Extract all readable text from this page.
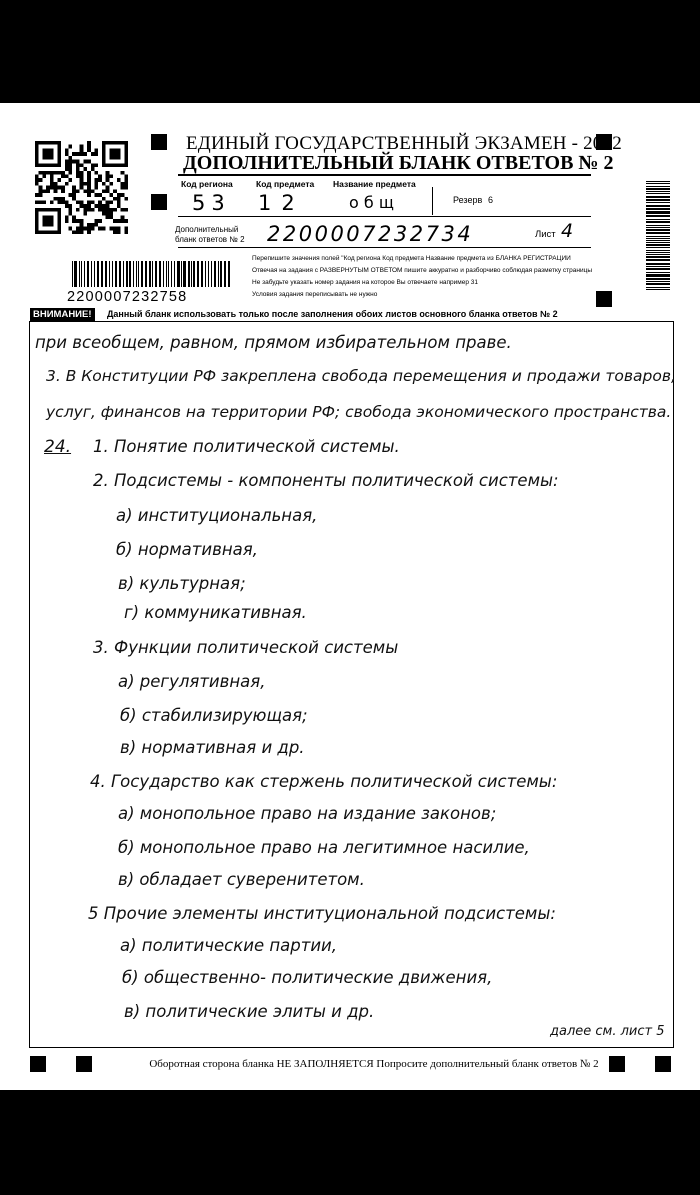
ЕДИНЫЙ ГОСУДАРСТВЕННЫЙ ЭКЗАМЕН - 2022
ДОПОЛНИТЕЛЬНЫЙ БЛАНК ОТВЕТОВ № 2
Код региона
53
Код предмета
12
Название предмета
о б щ	Резерв 6
Дополнительный
бланк ответов № 2 2200007232734	Лист 4
2200007232758
Перепишите значения полей "Код региона Код предмета Название предмета из БЛАНКА РЕГИСТРАЦИИ
Отвечая на задания с РАЗВЕРНУТЫМ ОТВЕТОМ пишите аккуратно и разборчиво соблюдая разметку страницы
Не забудьте указать номер задания на которое Вы отвечаете например 31
Условия задания переписывать не нужно
ВНИМАНИЕ!	Данный бланк использовать только после заполнения обоих листов основного бланка ответов № 2
при всеобщем, равном, прямом избирательном праве.
3. В Конституции РФ закреплена свобода перемещения и продажи товаров,
услуг, финансов на территории РФ; свобода экономического пространства.
24. 1. Понятие политической системы.
2. Подсистемы - компоненты политической системы:
а) институциональная,
б) нормативная,
в) культурная;
г) коммуникативная.
3. Функции политической системы
а) регулятивная,
б) стабилизирующая;
в) нормативная и др.
4. Государство как стержень политической системы:
а) монопольное право на издание законов;
б) монопольное право на легитимное насилие,
в) обладает суверенитетом.
5 Прочие элементы институциональной подсистемы:
а) политические партии,
б) общественно- политические движения,
в) политические элиты и др.
далее см. лист 5
Оборотная сторона бланка НЕ ЗАПОЛНЯЕТСЯ Попросите дополнительный бланк ответов № 2
